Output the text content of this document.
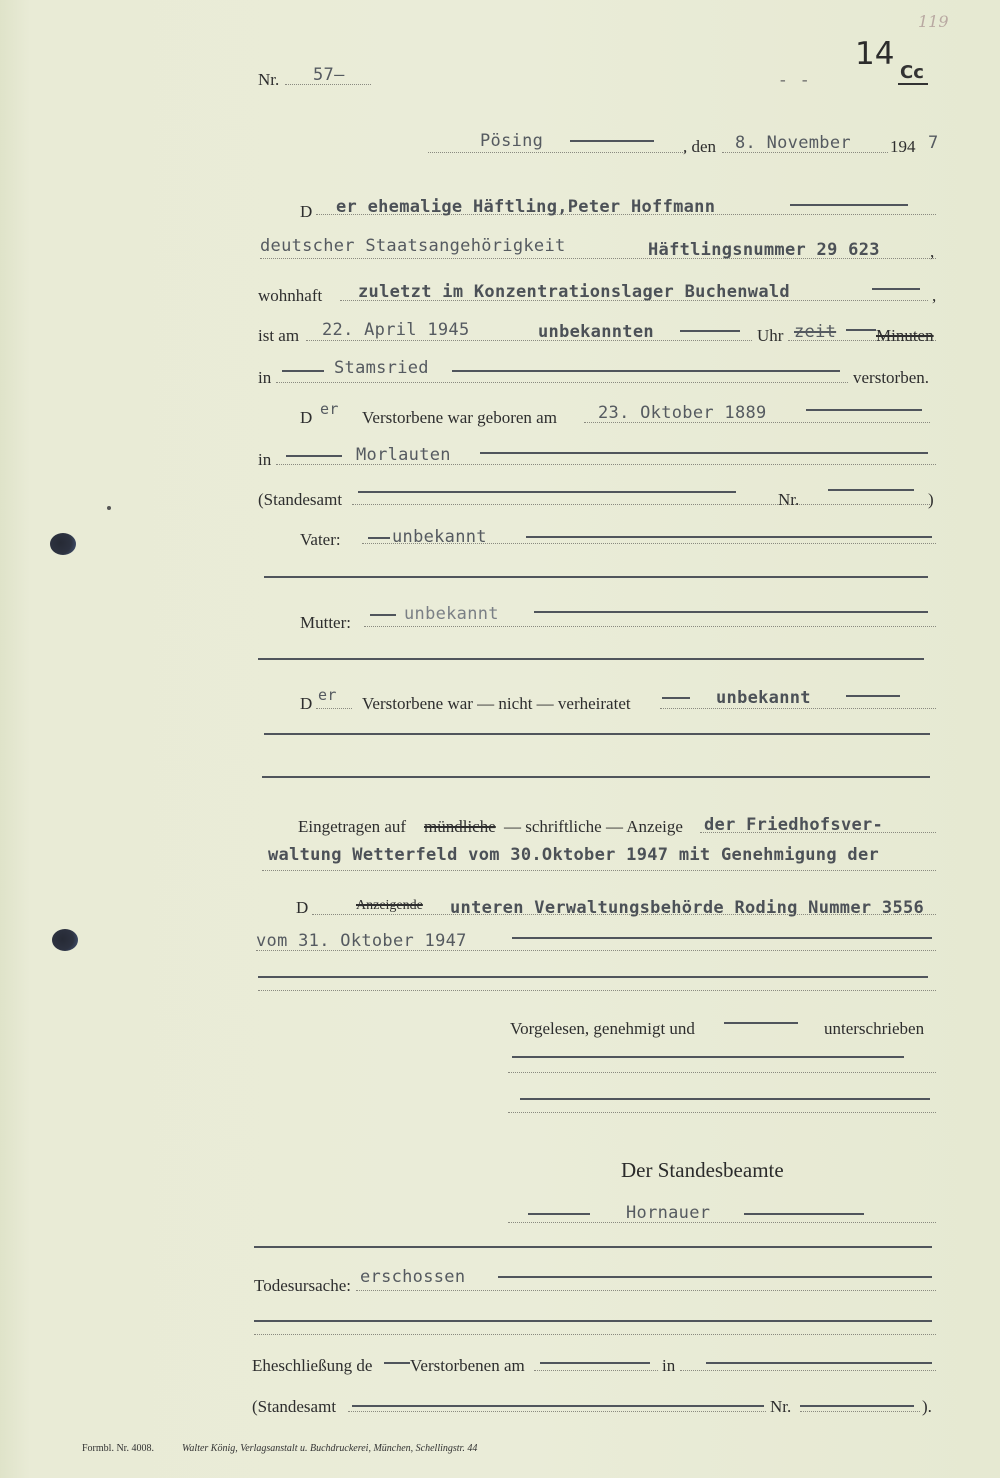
Nr. 57—	- -
14
Cc
119
Pösing	, den 8. November 194 7
D er ehemalige Häftling,Peter Hoffmann
deutscher Staatsangehörigkeit	Häftlingsnummer 29 623	,
wohnhaft zuletzt im Konzentrationslager Buchenwald	,
ist am 22. April 1945	unbekannten	Uhr zeit Minuten
in	Stamsried	verstorben.
D er Verstorbene war geboren am 23. Oktober 1889
in	Morlauten
(Standesamt	Nr.	)
Vater:	unbekannt
Mutter:	unbekannt
D er Verstorbene war — nicht — verheiratet	unbekannt
Eingetragen auf mündliche — schriftliche — Anzeige der Friedhofsver-
waltung Wetterfeld vom 30.Oktober 1947 mit Genehmigung der
D	Anzeigende unteren Verwaltungsbehörde Roding Nummer 3556
vom 31. Oktober 1947
Vorgelesen, genehmigt und	unterschrieben
Der Standesbeamte
Hornauer
Todesursache: erschossen
Eheschließung de Verstorbenen am	in
(Standesamt	Nr.	).
Formbl. Nr. 4008.	Walter König, Verlagsanstalt u. Buchdruckerei, München, Schellingstr. 44
